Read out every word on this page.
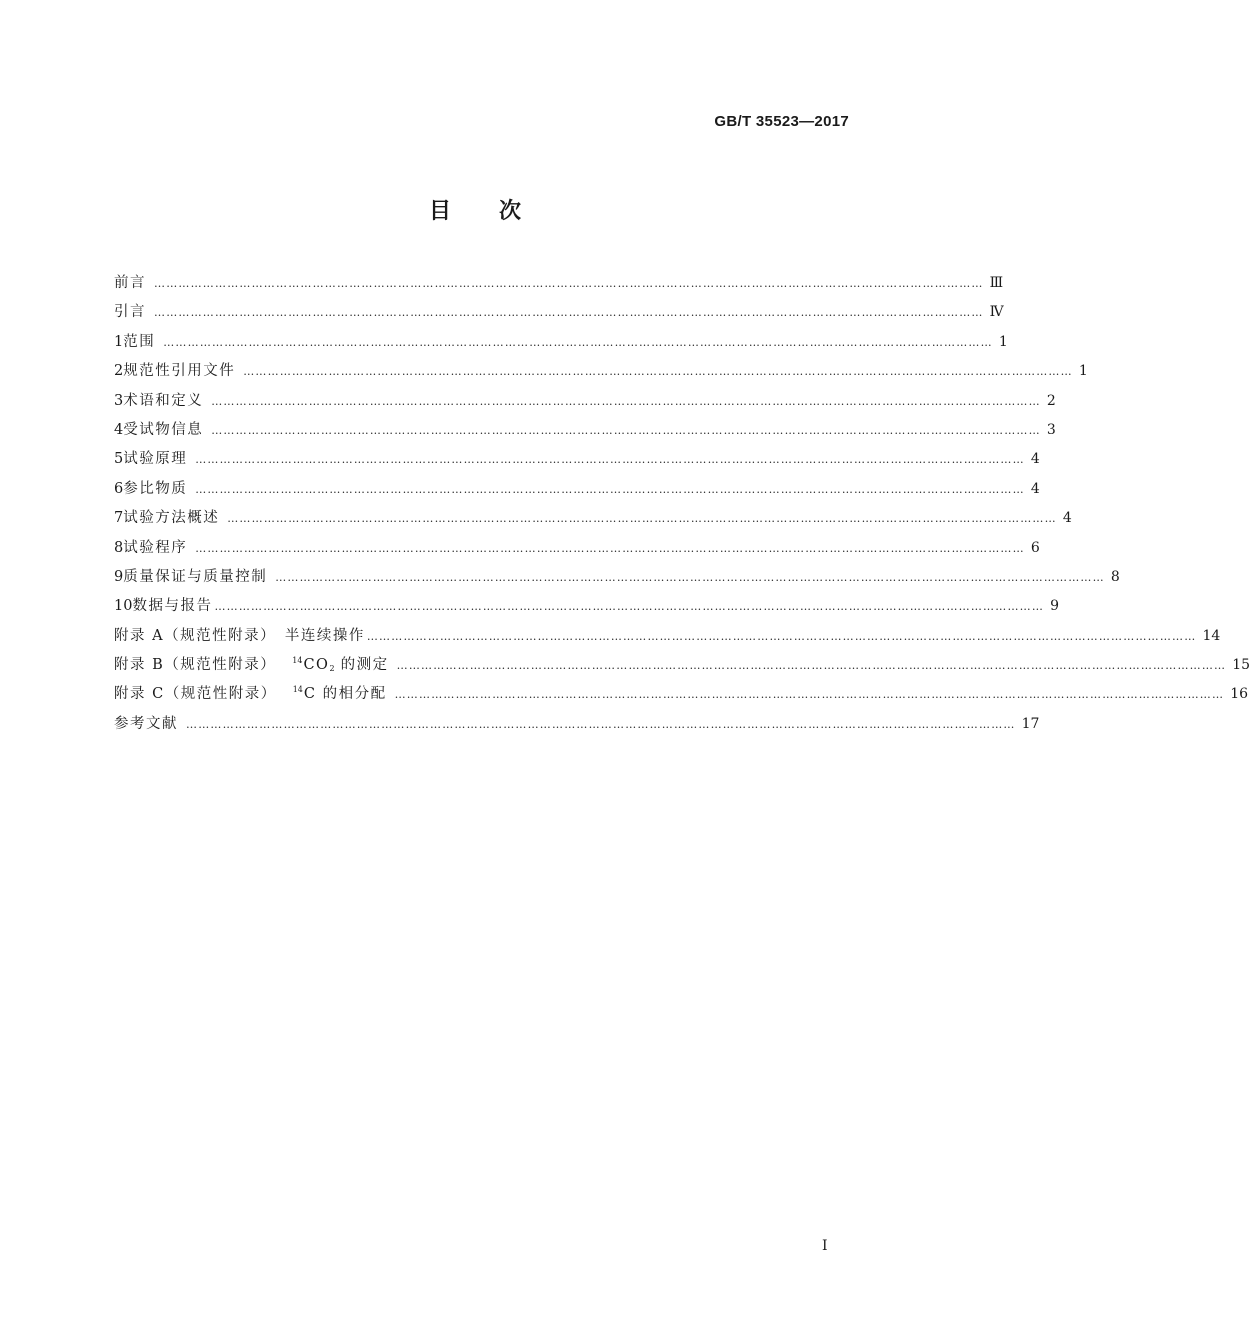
GB/T 35523—2017
目 次
前言 …………………………………………………………………………………………………………………………………………………………………………………… Ⅲ
引言 …………………………………………………………………………………………………………………………………………………………………………………… Ⅳ
1 范围 …………………………………………………………………………………………………………………………………………………………………………………… 1
2 规范性引用文件 …………………………………………………………………………………………………………………………………………………………………………………… 1
3 术语和定义 …………………………………………………………………………………………………………………………………………………………………………………… 2
4 受试物信息 …………………………………………………………………………………………………………………………………………………………………………………… 3
5 试验原理 …………………………………………………………………………………………………………………………………………………………………………………… 4
6 参比物质 …………………………………………………………………………………………………………………………………………………………………………………… 4
7 试验方法概述 …………………………………………………………………………………………………………………………………………………………………………………… 4
8 试验程序 …………………………………………………………………………………………………………………………………………………………………………………… 6
9 质量保证与质量控制 …………………………………………………………………………………………………………………………………………………………………………………… 8
10 数据与报告 …………………………………………………………………………………………………………………………………………………………………………………… 9
附录 A（规范性附录）　半连续操作 …………………………………………………………………………………………………………………………………………………………………………………… 14
附录 B（规范性附录） $^{14}CO_2$ 的测定 …………………………………………………………………………………………………………………………………………………………………………………… 15
附录 C（规范性附录） $^{14}$C 的相分配 …………………………………………………………………………………………………………………………………………………………………………………… 16
参考文献 …………………………………………………………………………………………………………………………………………………………………………………… 17
I
